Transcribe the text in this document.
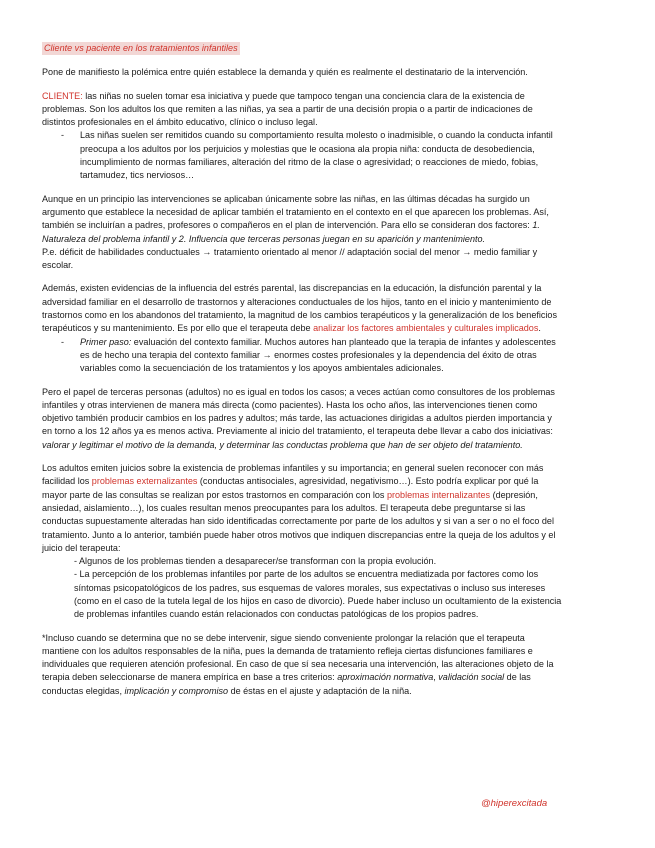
Cliente vs paciente en los tratamientos infantiles

Pone de manifiesto la polémica entre quién establece la demanda y quién es realmente el destinatario de la intervención.

CLIENTE: las niñas no suelen tomar esa iniciativa y puede que tampoco tengan una conciencia clara de la existencia de problemas. Son los adultos los que remiten a las niñas, ya sea a partir de una decisión propia o a partir de indicaciones de distintos profesionales en el ámbito educativo, clínico o incluso legal.
- Las niñas suelen ser remitidos cuando su comportamiento resulta molesto o inadmisible, o cuando la conducta infantil preocupa a los adultos por los perjuicios y molestias que le ocasiona ala propia niña: conducta de desobediencia, incumplimiento de normas familiares, alteración del ritmo de la clase o agresividad; o reacciones de miedo, fobias, tartamudez, tics nerviosos…

Aunque en un principio las intervenciones se aplicaban únicamente sobre las niñas, en las últimas décadas ha surgido un argumento que establece la necesidad de aplicar también el tratamiento en el contexto en el que aparecen los problemas. Así, también se incluirían a padres, profesores o compañeros en el plan de intervención. Para ello se consideran dos factores: 1. Naturaleza del problema infantil y 2. Influencia que terceras personas juegan en su aparición y mantenimiento.

P.e. déficit de habilidades conductuales → tratamiento orientado al menor // adaptación social del menor → medio familiar y escolar.

Además, existen evidencias de la influencia del estrés parental, las discrepancias en la educación, la disfunción parental y la adversidad familiar en el desarrollo de trastornos y alteraciones conductuales de los hijos, tanto en el inicio y mantenimiento de trastornos como en los abandonos del tratamiento, la magnitud de los cambios terapéuticos y la generalización de los beneficios terapéuticos y su mantenimiento. Es por ello que el terapeuta debe analizar los factores ambientales y culturales implicados.
- Primer paso: evaluación del contexto familiar. Muchos autores han planteado que la terapia de infantes y adolescentes es de hecho una terapia del contexto familiar → enormes costes profesionales y la dependencia del éxito de otras variables como la secuenciación de los tratamientos y los apoyos ambientales adicionales.

Pero el papel de terceras personas (adultos) no es igual en todos los casos; a veces actúan como consultores de los problemas infantiles y otras intervienen de manera más directa (como pacientes). Hasta los ocho años, las intervenciones tienen como objetivo también producir cambios en los padres y adultos; más tarde, las actuaciones dirigidas a adultos pierden importancia y en torno a los 12 años ya es menos activa. Previamente al inicio del tratamiento, el terapeuta debe llevar a cabo dos iniciativas: valorar y legitimar el motivo de la demanda, y determinar las conductas problema que han de ser objeto del tratamiento.

Los adultos emiten juicios sobre la existencia de problemas infantiles y su importancia; en general suelen reconocer con más facilidad los problemas externalizantes (conductas antisociales, agresividad, negativismo…). Esto podría explicar por qué la mayor parte de las consultas se realizan por estos trastornos en comparación con los problemas internalizantes (depresión, ansiedad, aislamiento…), los cuales resultan menos preocupantes para los adultos. El terapeuta debe preguntarse si las conductas supuestamente alteradas han sido identificadas correctamente por parte de los adultos y si van a ser o no el foco del tratamiento. Junto a lo anterior, también puede haber otros motivos que indiquen discrepancias entre la queja de los adultos y el juicio del terapeuta:
- Algunos de los problemas tienden a desaparecer/se transforman con la propia evolución.
- La percepción de los problemas infantiles por parte de los adultos se encuentra mediatizada por factores como los síntomas psicopatológicos de los padres, sus esquemas de valores morales, sus expectativas o incluso sus intereses (como en el caso de la tutela legal de los hijos en caso de divorcio). Puede haber incluso un ocultamiento de la existencia de problemas infantiles cuando están relacionados con conductas patológicas de los propios padres.

*Incluso cuando se determina que no se debe intervenir, sigue siendo conveniente prolongar la relación que el terapeuta mantiene con los adultos responsables de la niña, pues la demanda de tratamiento refleja ciertas disfunciones familiares e individuales que requieren atención profesional. En caso de que sí sea necesaria una intervención, las alteraciones objeto de la terapia deben seleccionarse de manera empírica en base a tres criterios: aproximación normativa, validación social de las conductas elegidas, implicación y compromiso de éstas en el ajuste y adaptación de la niña.

@hiperexcitada
